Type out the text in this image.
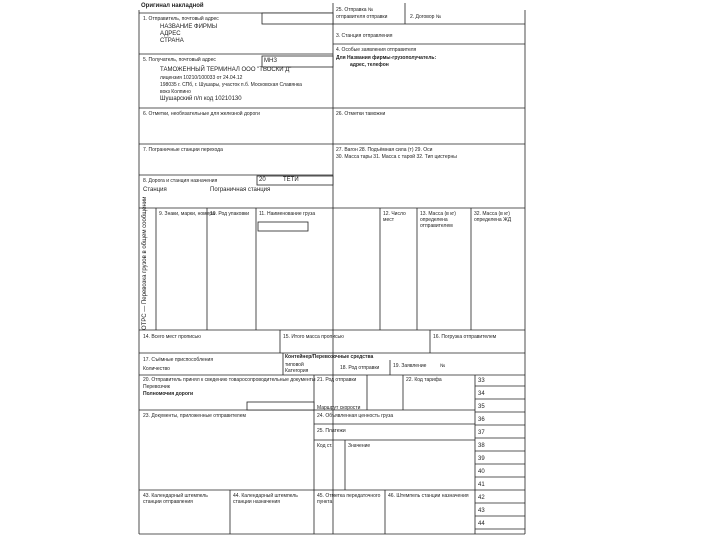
Оригинал накладной
1. Отправитель, почтовый адрес
НАЗВАНИЕ ФИРМЫ
АДРЕС
СТРАНА
25. Отправка №
отправителя отправки	2. Договор №
3. Станция отправления
4. Особые заявления отправителя
Для Названия фирмы-грузополучатель:
адрес, телефон
5. Получатель, почтовый адрес	МНЗ
ТАМОЖЕННЫЙ ТЕРМИНАЛ ООО "ТВОСКИ Д"
лицензия 10210/100033 от 24.04.12
198035 г. СПб, г. Шушары, участок п.б. Московская Славянка
вокз Колпино
Шушарский п/п код 10210130
6. Отметки, необязательные для железной дороги	26. Отметки таможни
7. Пограничные станции перехода	27. Вагон 28. Подъёмная сила (т) 29. Оси
30. Масса тары 31. Масса с тарой 32. Тип цистерны
8. Дорога и станция назначения	20	ТЕТИ
Станция	Пограничная станция
ОТРС — Перевозка грузов в общем сообщении 9. Знаки, марки, номера
10. Род упаковки 11. Наименование груза	12. Число мест
13. Масса (в кг) определена отправителем
32. Масса (в кг) определена ЖД
14. Всего мест прописью	15. Итого масса прописью	16. Погрузка отправителем
17. Съёмные приспособления
Количество
Контейнер/Перевозочные средства
типовой
Категория	18. Род отправки	19. Заявление	№
20. Отправитель принял к сведению товаросопроводительные документы
Перевозчик
Полномочия дороги
21. Род отправки	22. Код тарифа
Маршрут скорости
23. Документы, приложенные отправителем	24. Объявленная ценность груза
25. Платежи
Код ст.	Значение
33
34
35
36
37
38
39
40
41
42
43
44
43. Календарный штемпель станции отправления
44. Календарный штемпель станции назначения
45. Отметка передаточного пункта
46. Штемпель станции назначения
